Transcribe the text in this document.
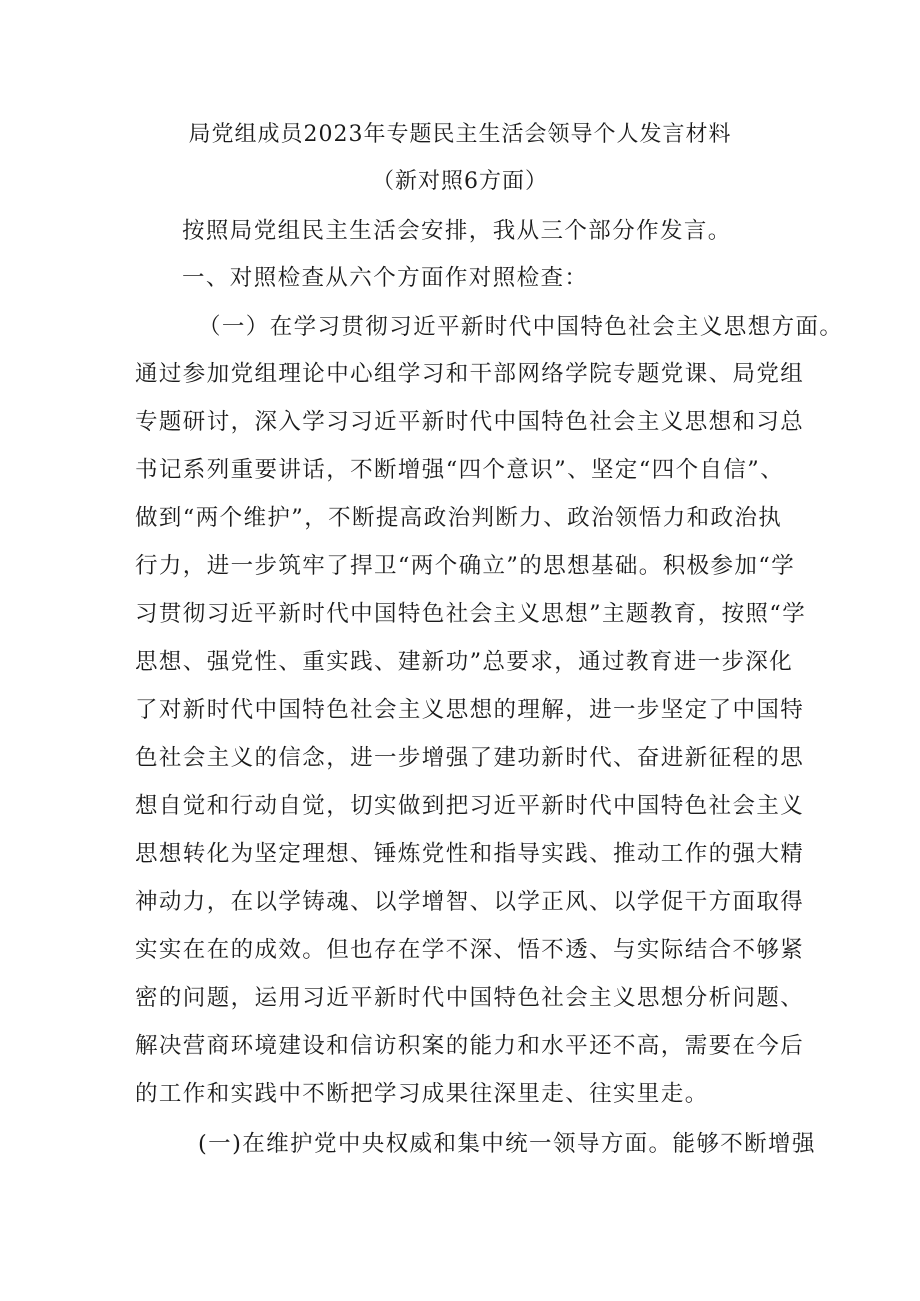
局党组成员2023年专题民主生活会领导个人发言材料
（新对照6方面）
按照局党组民主生活会安排，我从三个部分作发言。
一、对照检查从六个方面作对照检查：
（一）在学习贯彻习近平新时代中国特色社会主义思想方面。
通过参加党组理论中心组学习和干部网络学院专题党课、局党组
专题研讨，深入学习习近平新时代中国特色社会主义思想和习总
书记系列重要讲话，不断增强“四个意识”、坚定“四个自信”、
做到“两个维护”，不断提高政治判断力、政治领悟力和政治执
行力，进一步筑牢了捍卫“两个确立”的思想基础。积极参加“学
习贯彻习近平新时代中国特色社会主义思想”主题教育，按照“学
思想、强党性、重实践、建新功”总要求，通过教育进一步深化
了对新时代中国特色社会主义思想的理解，进一步坚定了中国特
色社会主义的信念，进一步增强了建功新时代、奋进新征程的思
想自觉和行动自觉，切实做到把习近平新时代中国特色社会主义
思想转化为坚定理想、锤炼党性和指导实践、推动工作的强大精
神动力，在以学铸魂、以学增智、以学正风、以学促干方面取得
实实在在的成效。但也存在学不深、悟不透、与实际结合不够紧
密的问题，运用习近平新时代中国特色社会主义思想分析问题、
解决营商环境建设和信访积案的能力和水平还不高，需要在今后
的工作和实践中不断把学习成果往深里走、往实里走。
(一)在维护党中央权威和集中统一领导方面。能够不断增强
